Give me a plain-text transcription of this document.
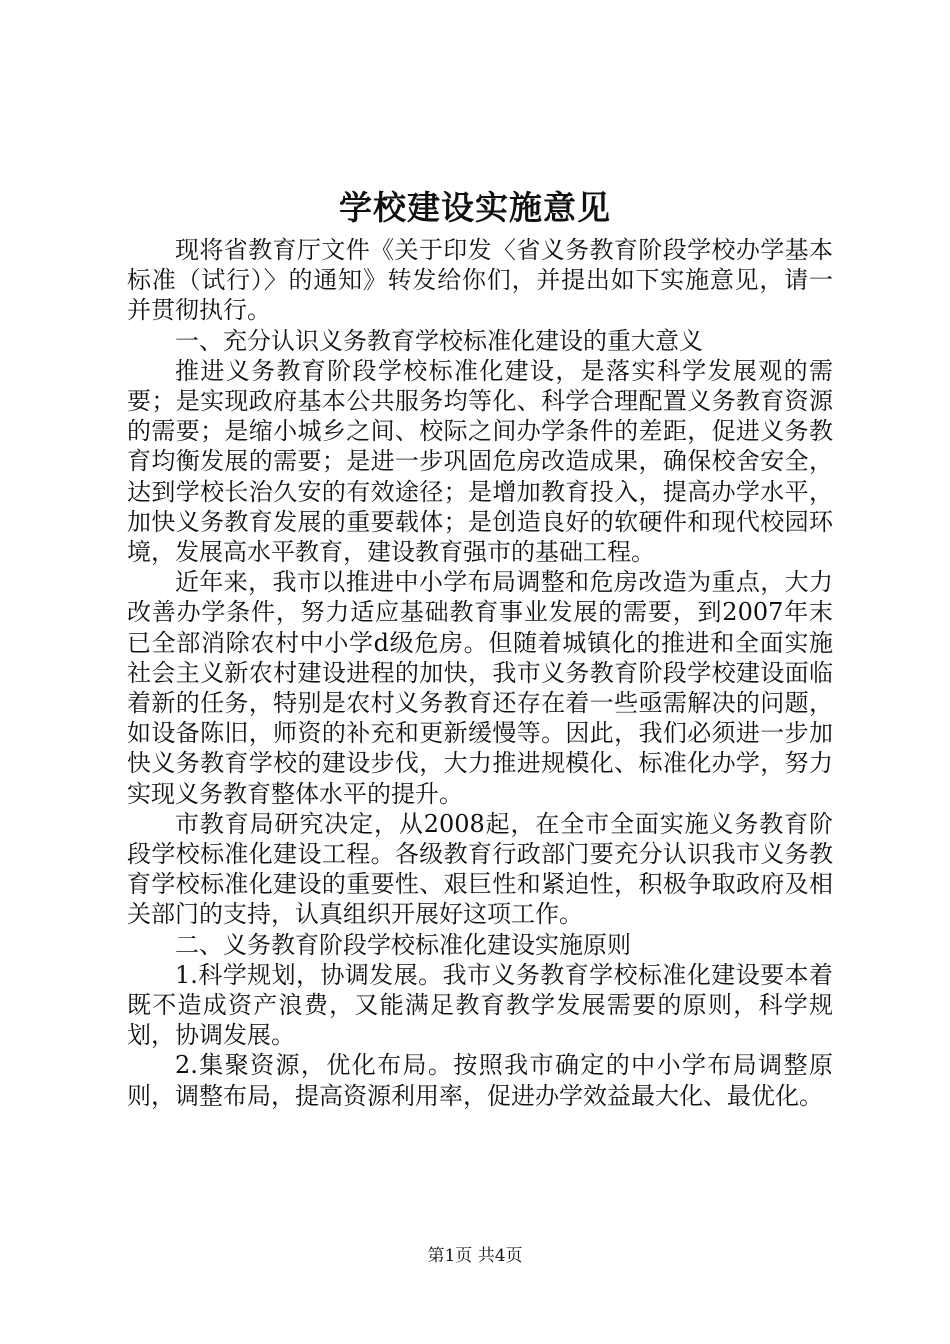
学校建设实施意见

现将省教育厅文件《关于印发〈省义务教育阶段学校办学基本标准（试行）〉的通知》转发给你们，并提出如下实施意见，请一并贯彻执行。

一、充分认识义务教育学校标准化建设的重大意义

推进义务教育阶段学校标准化建设，是落实科学发展观的需要；是实现政府基本公共服务均等化、科学合理配置义务教育资源的需要；是缩小城乡之间、校际之间办学条件的差距，促进义务教育均衡发展的需要；是进一步巩固危房改造成果，确保校舍安全，达到学校长治久安的有效途径；是增加教育投入，提高办学水平，加快义务教育发展的重要载体；是创造良好的软硬件和现代校园环境，发展高水平教育，建设教育强市的基础工程。

近年来，我市以推进中小学布局调整和危房改造为重点，大力改善办学条件，努力适应基础教育事业发展的需要，到2007年末已全部消除农村中小学d级危房。但随着城镇化的推进和全面实施社会主义新农村建设进程的加快，我市义务教育阶段学校建设面临着新的任务，特别是农村义务教育还存在着一些亟需解决的问题，如设备陈旧，师资的补充和更新缓慢等。因此，我们必须进一步加快义务教育学校的建设步伐，大力推进规模化、标准化办学，努力实现义务教育整体水平的提升。

市教育局研究决定，从2008起，在全市全面实施义务教育阶段学校标准化建设工程。各级教育行政部门要充分认识我市义务教育学校标准化建设的重要性、艰巨性和紧迫性，积极争取政府及相关部门的支持，认真组织开展好这项工作。

二、义务教育阶段学校标准化建设实施原则

1.科学规划，协调发展。我市义务教育学校标准化建设要本着既不造成资产浪费，又能满足教育教学发展需要的原则，科学规划，协调发展。

2.集聚资源，优化布局。按照我市确定的中小学布局调整原则，调整布局，提高资源利用率，促进办学效益最大化、最优化。

第1页 共4页
